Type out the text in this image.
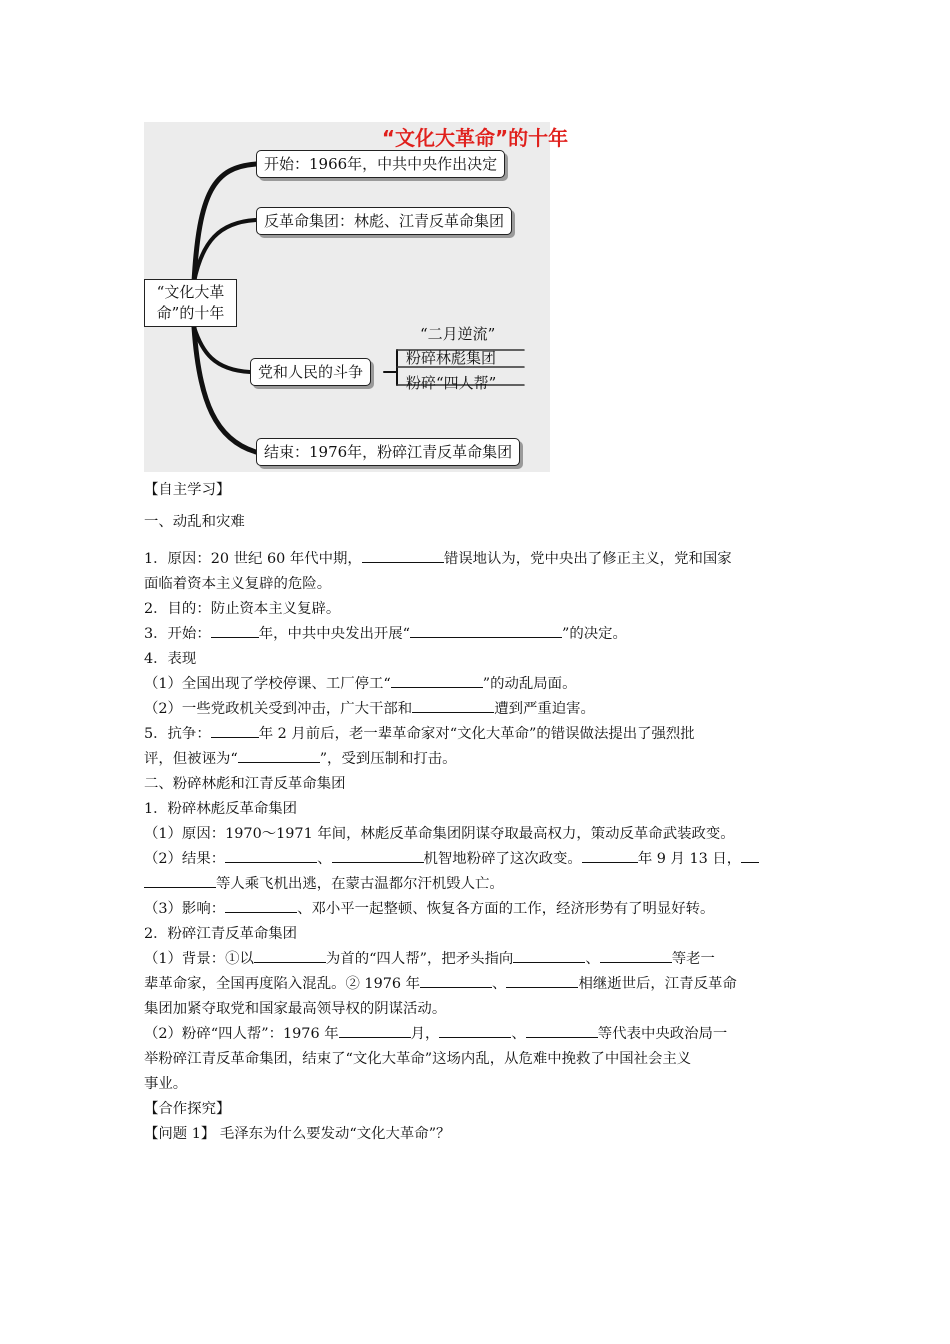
“文化大革
命”的十年
开始：1966年，中共中央作出决定
反革命集团：林彪、江青反革命集团
党和人民的斗争
“二月逆流”
粉碎林彪集团
粉碎“四人帮”
结束：1976年，粉碎江青反革命集团
“文化大革命”的十年
【自主学习】
一、动乱和灾难
1．原因：20 世纪 60 年代中期，	错误地认为，党中央出了修正主义，党和国家
面临着资本主义复辟的危险。
2．目的：防止资本主义复辟。
3．开始：	年，中共中央发出开展“	”的决定。
4．表现
（1）全国出现了学校停课、工厂停工“	”的动乱局面。
（2）一些党政机关受到冲击，广大干部和	遭到严重迫害。
5．抗争：	年 2 月前后，老一辈革命家对“文化大革命”的错误做法提出了强烈批
评，但被诬为“	”，受到压制和打击。
二、粉碎林彪和江青反革命集团
1．粉碎林彪反革命集团
（1）原因：1970～1971 年间，林彪反革命集团阴谋夺取最高权力，策动反革命武装政变。
（2）结果：	、	机智地粉碎了这次政变。	年 9 月 13 日，
等人乘飞机出逃，在蒙古温都尔汗机毁人亡。
（3）影响：	、邓小平一起整顿、恢复各方面的工作，经济形势有了明显好转。
2．粉碎江青反革命集团
（1）背景：①以	为首的“四人帮”，把矛头指向	、	等老一
辈革命家，全国再度陷入混乱。② 1976 年	、	相继逝世后，江青反革命
集团加紧夺取党和国家最高领导权的阴谋活动。
（2）粉碎“四人帮”：1976 年	月，	、	等代表中央政治局一
举粉碎江青反革命集团，结束了“文化大革命”这场内乱，从危难中挽救了中国社会主义
事业。
【合作探究】
【问题 1】 毛泽东为什么要发动“文化大革命”？
